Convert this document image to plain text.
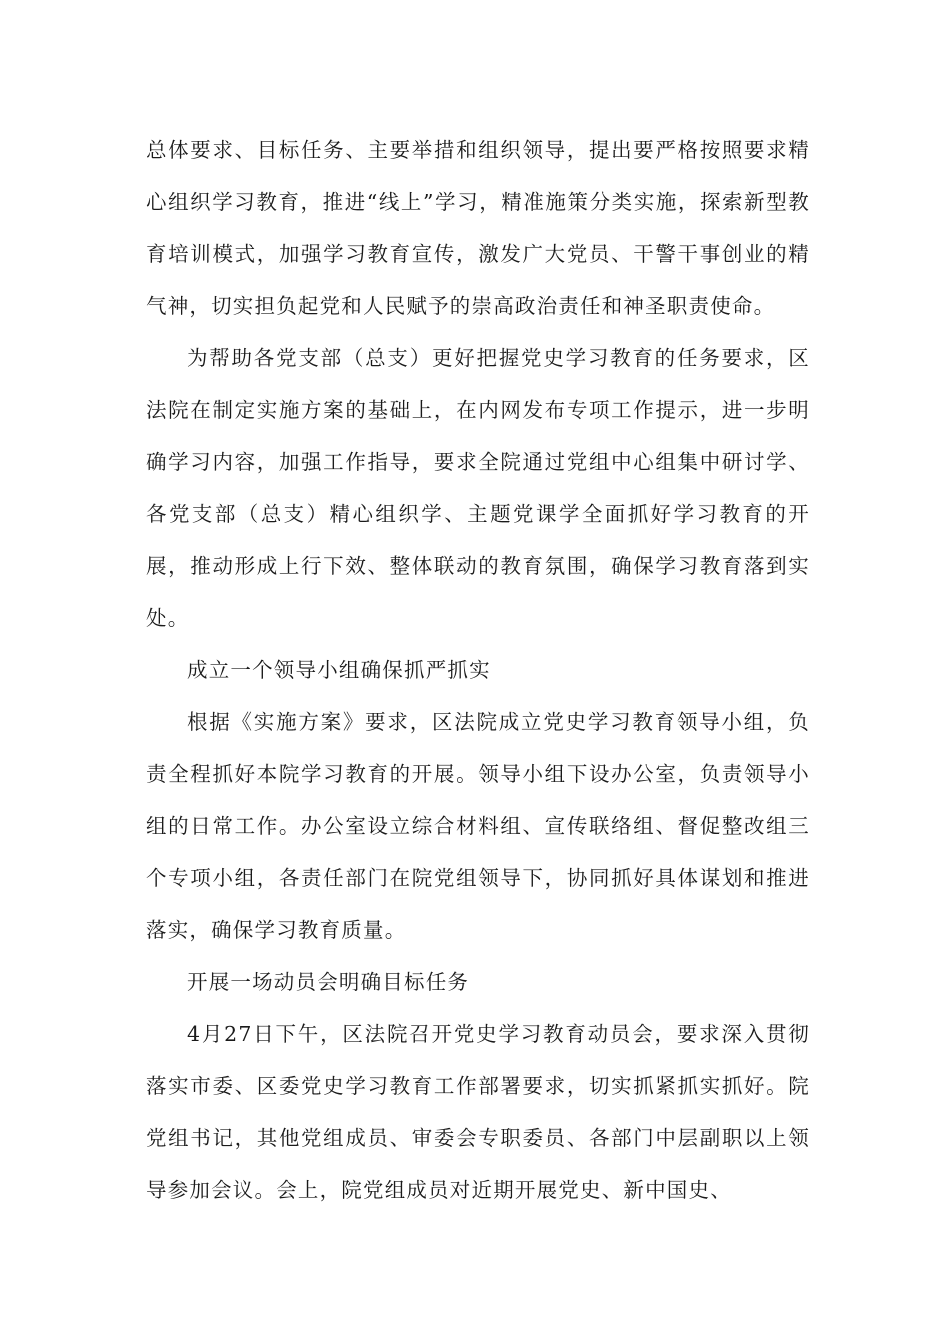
总体要求、目标任务、主要举措和组织领导，提出要严格按照要求精心组织学习教育，推进“线上”学习，精准施策分类实施，探索新型教育培训模式，加强学习教育宣传，激发广大党员、干警干事创业的精气神，切实担负起党和人民赋予的崇高政治责任和神圣职责使命。

为帮助各党支部（总支）更好把握党史学习教育的任务要求，区法院在制定实施方案的基础上，在内网发布专项工作提示，进一步明确学习内容，加强工作指导，要求全院通过党组中心组集中研讨学、各党支部（总支）精心组织学、主题党课学全面抓好学习教育的开展，推动形成上行下效、整体联动的教育氛围，确保学习教育落到实处。

成立一个领导小组确保抓严抓实

根据《实施方案》要求，区法院成立党史学习教育领导小组，负责全程抓好本院学习教育的开展。领导小组下设办公室，负责领导小组的日常工作。办公室设立综合材料组、宣传联络组、督促整改组三个专项小组，各责任部门在院党组领导下，协同抓好具体谋划和推进落实，确保学习教育质量。

开展一场动员会明确目标任务

4月27日下午，区法院召开党史学习教育动员会，要求深入贯彻落实市委、区委党史学习教育工作部署要求，切实抓紧抓实抓好。院党组书记，其他党组成员、审委会专职委员、各部门中层副职以上领导参加会议。会上，院党组成员对近期开展党史、新中国史、
